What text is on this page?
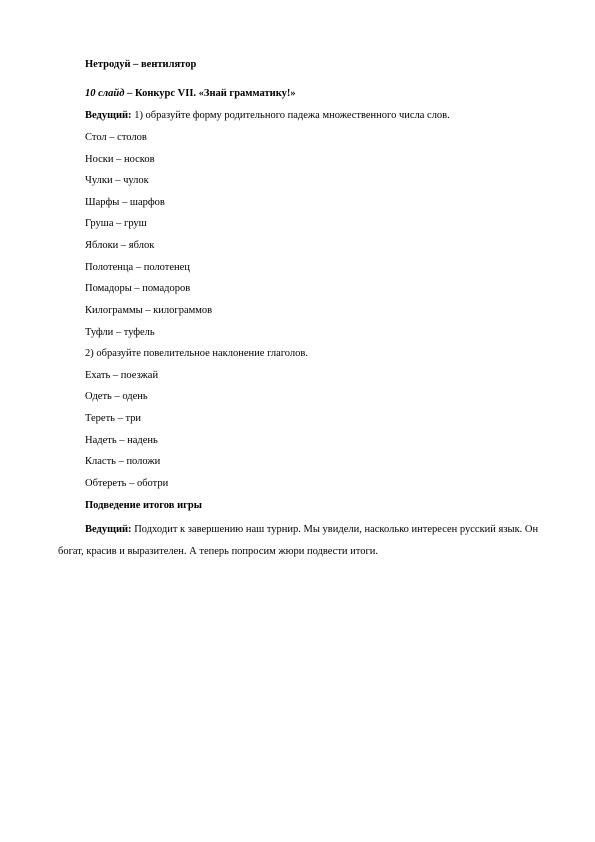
Нетродуй – вентилятор
10 слайд – Конкурс VII. «Знай грамматику!»
Ведущий: 1) образуйте форму родительного падежа множественного числа слов.
Стол – столов
Носки – носков
Чулки – чулок
Шарфы – шарфов
Груша – груш
Яблоки – яблок
Полотенца – полотенец
Помадоры – помадоров
Килограммы – килограммов
Туфли – туфель
2) образуйте повелительное наклонение глаголов.
Ехать – поезжай
Одеть – одень
Тереть – три
Надеть – надень
Класть – положи
Обтереть – оботри
Подведение итогов игры
Ведущий: Подходит к завершению наш турнир. Мы увидели, насколько интересен русский язык. Он богат, красив и выразителен. А теперь попросим жюри подвести итоги.
